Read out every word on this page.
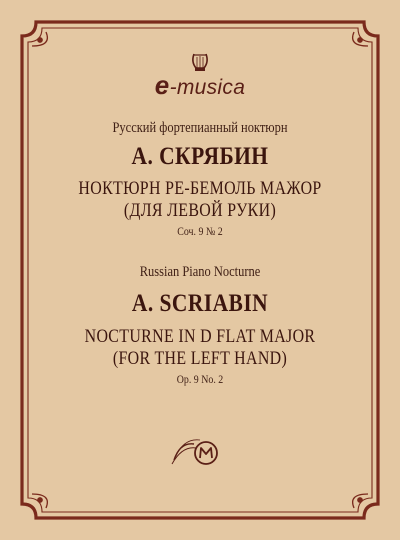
e-musica

Русский фортепианный ноктюрн

А. СКРЯБИН

НОКТЮРН РЕ-БЕМОЛЬ МАЖОР

(ДЛЯ ЛЕВОЙ РУКИ)

Соч. 9 № 2

Russian Piano Nocturne

A. SCRIABIN

NOCTURNE IN D FLAT MAJOR

(FOR THE LEFT HAND)

Op. 9 No. 2
